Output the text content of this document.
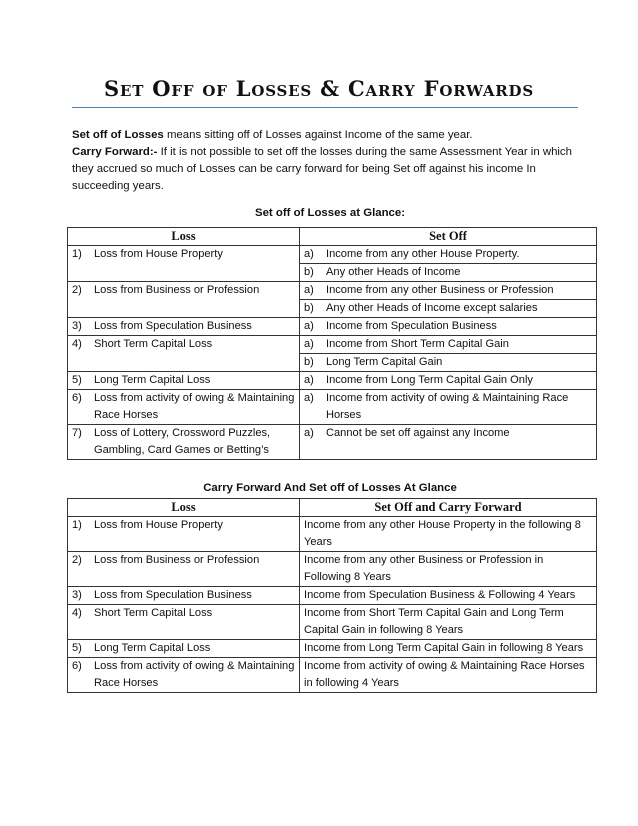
Set Off of Losses & Carry Forwards
Set off of Losses means sitting off of Losses against Income of the same year.
Carry Forward:- If it is not possible to set off the losses during the same Assessment Year in which they accrued so much of Losses can be carry forward for being Set off against his income In succeeding years.
Set off of Losses at Glance:
Loss	Set Off

1) Loss from House Property	a) Income from any other House Property.

	b) Any other Heads of Income

2) Loss from Business or Profession	a) Income from any other Business or Profession

	b) Any other Heads of Income except salaries

3) Loss from Speculation Business	a) Income from Speculation Business

4) Short Term Capital Loss	a) Income from Short Term Capital Gain

	b) Long Term Capital Gain

5) Long Term Capital Loss	a) Income from Long Term Capital Gain Only

6) Loss from activity of owing & Maintaining Race Horses	a) Income from activity of owing & Maintaining Race Horses

7) Loss of Lottery, Crossword Puzzles, Gambling, Card Games or Betting’s	a) Cannot be set off against any Income
Carry Forward And Set off of Losses At Glance
Loss	Set Off and Carry Forward

1) Loss from House Property	Income from any other House Property in the following 8 Years

2) Loss from Business or Profession	Income from any other Business or Profession in Following 8 Years

3) Loss from Speculation Business	Income from Speculation Business & Following 4 Years

4) Short Term Capital Loss	Income from Short Term Capital Gain and Long Term Capital Gain in following 8 Years

5) Long Term Capital Loss	Income from Long Term Capital Gain in following 8 Years

6) Loss from activity of owing & Maintaining Race Horses	Income from activity of owing & Maintaining Race Horses in following 4 Years
